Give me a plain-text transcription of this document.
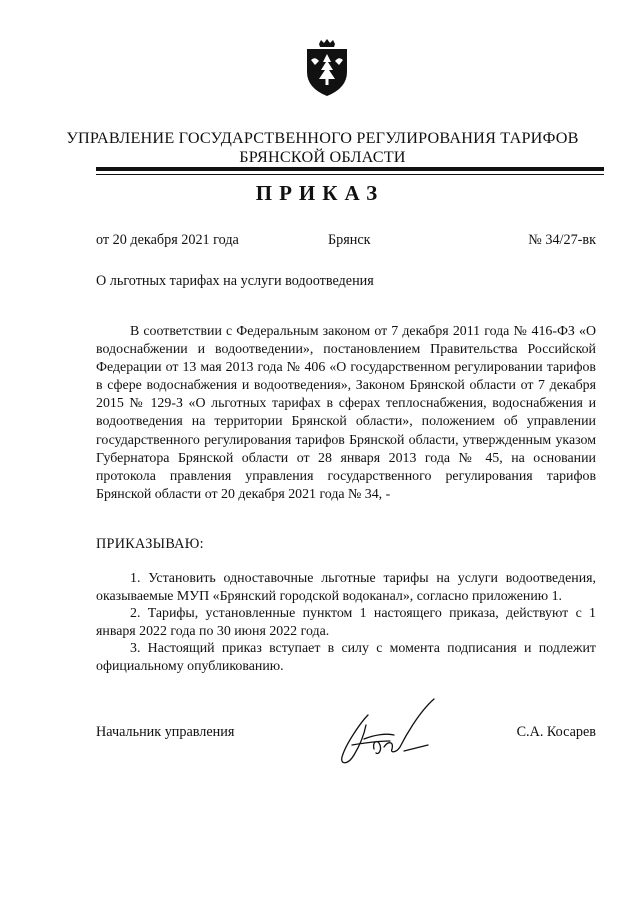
УПРАВЛЕНИЕ ГОСУДАРСТВЕННОГО РЕГУЛИРОВАНИЯ ТАРИФОВ
БРЯНСКОЙ ОБЛАСТИ
ПРИКАЗ
от 20 декабря 2021 года	Брянск	№ 34/27-вк
О льготных тарифах на услуги водоотведения

В соответствии с Федеральным законом от 7 декабря 2011 года № 416-ФЗ «О водоснабжении и водоотведении», постановлением Правительства Российской Федерации от 13 мая 2013 года № 406 «О государственном регулировании тарифов в сфере водоснабжения и водоотведения», Законом Брянской области от 7 декабря 2015 № 129-З «О льготных тарифах в сферах теплоснабжения, водоснабжения и водоотведения на территории Брянской области», положением об управлении государственного регулирования тарифов Брянской области, утвержденным указом Губернатора Брянской области от 28 января 2013 года № 45, на основании протокола правления управления государственного регулирования тарифов Брянской области от 20 декабря 2021 года № 34, -

ПРИКАЗЫВАЮ:

1. Установить одноставочные льготные тарифы на услуги водоотведения, оказываемые МУП «Брянский городской водоканал», согласно приложению 1.

2. Тарифы, установленные пунктом 1 настоящего приказа, действуют с 1 января 2022 года по 30 июня 2022 года.

3. Настоящий приказ вступает в силу с момента подписания и подлежит официальному опубликованию.

Начальник управления	С.А. Косарев
